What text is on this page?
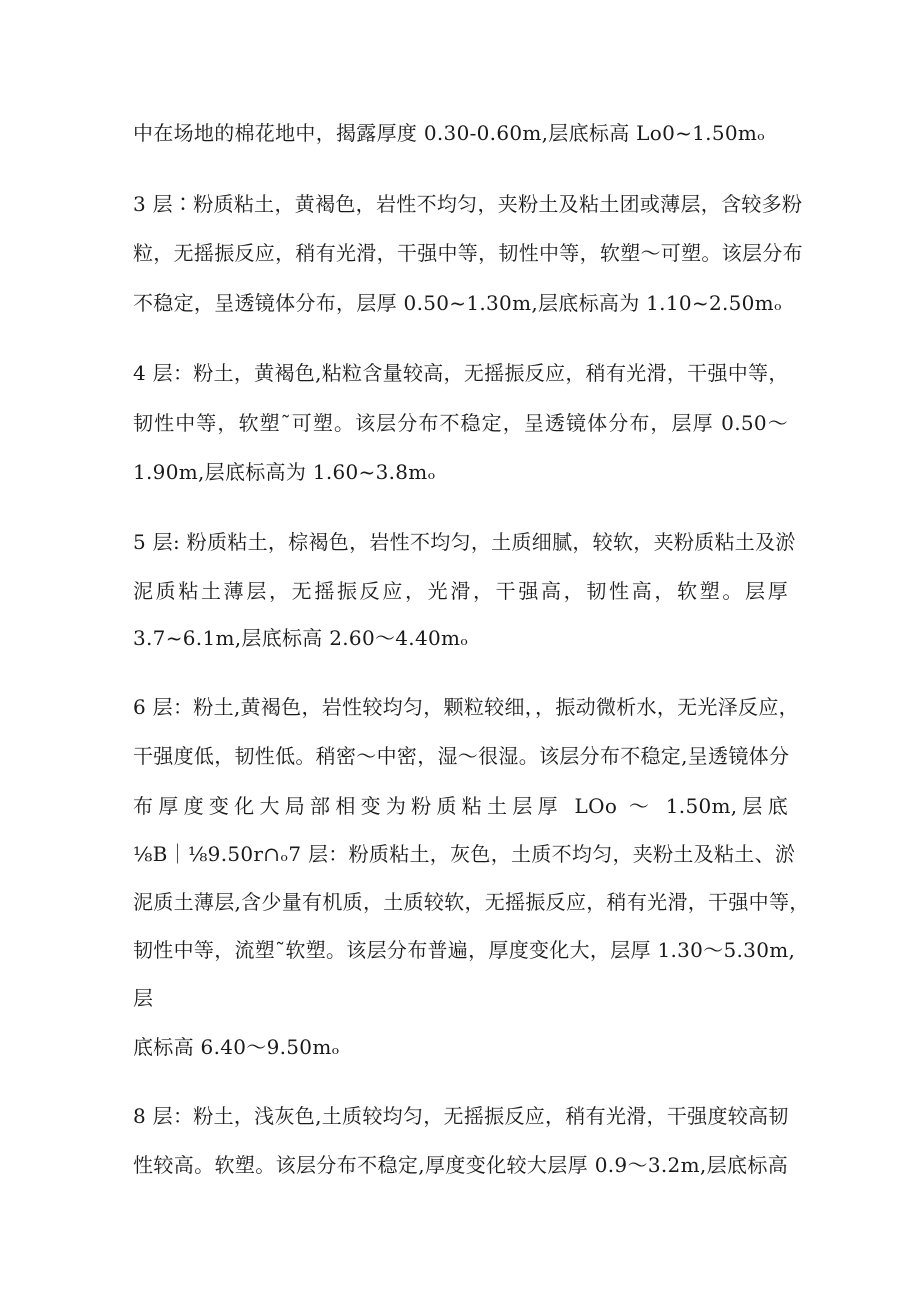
中在场地的棉花地中，揭露厚度 0.30-0.60m,层底标高 Lo0~1.50mₒ
3 层∶粉质粘土，黄褐色，岩性不均匀，夹粉土及粘土团或薄层，含较多粉
粒，无摇振反应，稍有光滑，干强中等，韧性中等，软塑～可塑。该层分布
不稳定，呈透镜体分布，层厚 0.50~1.30m,层底标高为 1.10~2.50mₒ
4 层：粉土，黄褐色,粘粒含量较高，无摇振反应，稍有光滑，干强中等，
韧性中等，软塑˜可塑。该层分布不稳定，呈透镜体分布，层厚 0.50～
1.90m,层底标高为 1.60~3.8mₒ
5 层: 粉质粘土，棕褐色，岩性不均匀，土质细腻，较软，夹粉质粘土及淤
泥质粘土薄层，无摇振反应，光滑，干强高，韧性高，软塑。层厚
3.7~6.1m,层底标高 2.60～4.40mₒ
6 层：粉土,黄褐色，岩性较均匀，颗粒较细，，振动微析水，无光泽反应，
干强度低，韧性低。稍密～中密，湿～很湿。该层分布不稳定,呈透镜体分
布厚度变化大局部相变为粉质粘土层厚 LOo ～ 1.50m,层底
⅛B｜⅛9.50r∩ₒ7 层：粉质粘土，灰色，土质不均匀，夹粉土及粘土、淤
泥质土薄层,含少量有机质，土质较软，无摇振反应，稍有光滑，干强中等，
韧性中等，流塑˜软塑。该层分布普遍，厚度变化大，层厚 1.30～5.30m,
层
底标高 6.40～9.50mₒ
8 层：粉土，浅灰色,土质较均匀，无摇振反应，稍有光滑，干强度较高韧
性较高。软塑。该层分布不稳定,厚度变化较大层厚 0.9～3.2m,层底标高
